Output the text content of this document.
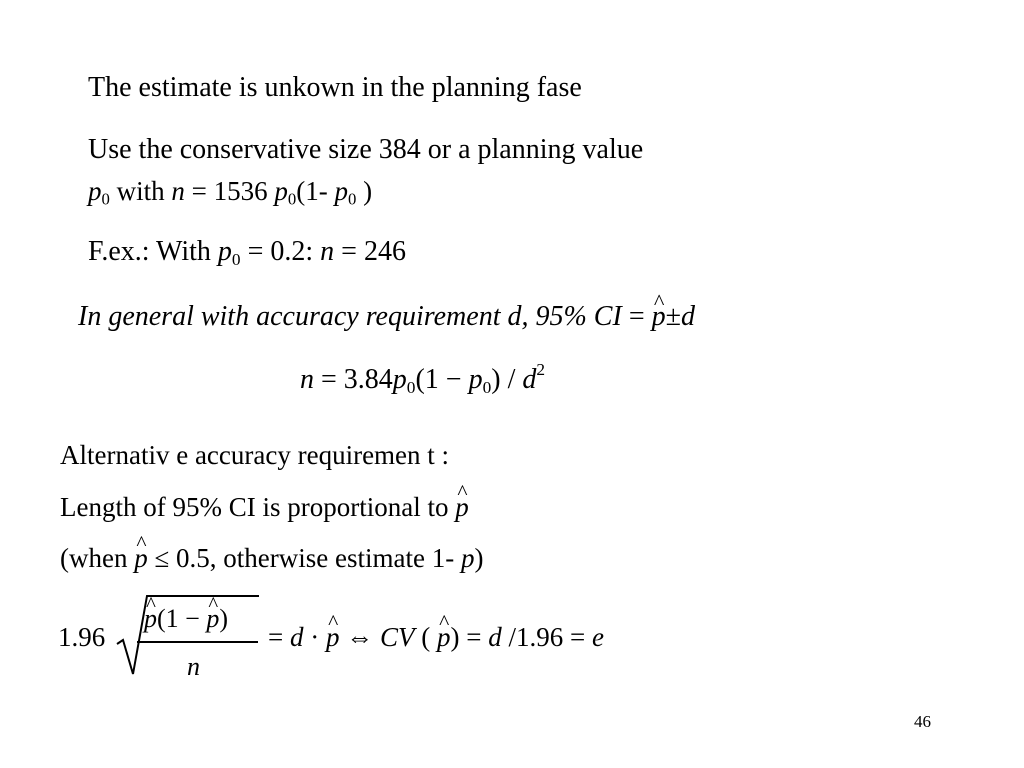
The estimate is unkown in the planning fase
Use the conservative size 384 or a planning value
$p_0$ with n = 1536 $p_0(1-$ $p_0$ )
F.ex.: With $p_0 = 0.2$: n = 246
In general with accuracy requirement d, 95% CI = ^ p±d
$n = 3.84p_0(1 - p_0) / d^2$
Alternativ e accuracy requiremen t :
Length of 95% CI is proportional to ^ p
(when ^ p ≤ 0.5, otherwise estimate 1- p)
1.96
^ p(1 − ^ p)
n
= d · ^ p ⇔ CV ( ^ p) = d /1.96 = e
46
